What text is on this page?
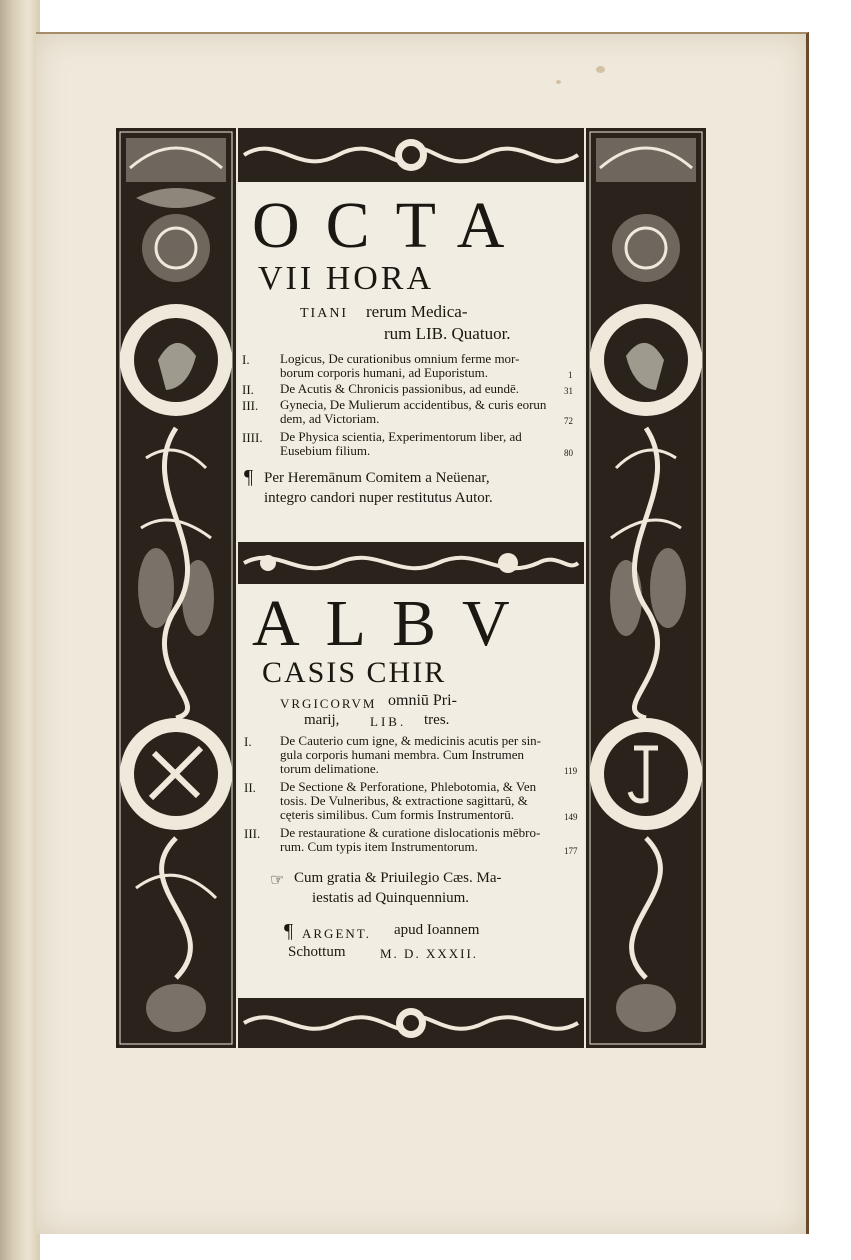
OCTA
VII HORA
TIANI rerum Medica-
rum LIB. Quatuor.
I. Logicus, De curationibus omnium ferme mor-
borum corporis humani, ad Euporistum.	1
II. De Acutis & Chronicis passionibus, ad eundē.	31
III. Gynecia, De Mulierum accidentibus, & curis eorun
dem, ad Victoriam.	72
IIII. De Physica scientia, Experimentorum liber, ad
Eusebium filium.	80
¶ Per Heremānum Comitem a Neüenar,
integro candori nuper restitutus Autor.
ALBV
CASIS CHIR
VRGICORVM omniū Pri-
marij, LIB. tres.
I. De Cauterio cum igne, & medicinis acutis per sin-
gula corporis humani membra. Cum Instrumen
torum delimatione.	119
II. De Sectione & Perforatione, Phlebotomia, & Ven
tosis. De Vulneribus, & extractione sagittarū, &
cęteris similibus. Cum formis Instrumentorū.	149
III. De restauratione & curatione dislocationis mēbro-
rum. Cum typis item Instrumentorum.	177
☞ Cum gratia & Priuilegio Cæs. Ma-
iestatis ad Quinquennium.
¶ ARGENT. apud Ioannem
Schottum	M. D. XXXII.
